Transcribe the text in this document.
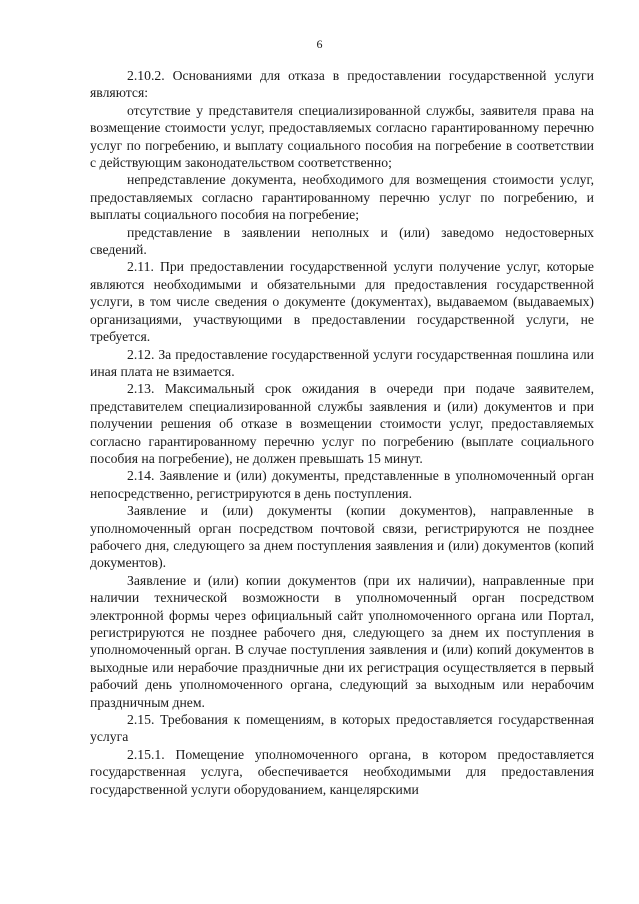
6

2.10.2. Основаниями для отказа в предоставлении государственной услуги являются:

отсутствие у представителя специализированной службы, заявителя права на возмещение стоимости услуг, предоставляемых согласно гарантированному перечню услуг по погребению, и выплату социального пособия на погребение в соответствии с действующим законодательством соответственно;

непредставление документа, необходимого для возмещения стоимости услуг, предоставляемых согласно гарантированному перечню услуг по погребению, и выплаты социального пособия на погребение;

представление в заявлении неполных и (или) заведомо недостоверных сведений.

2.11. При предоставлении государственной услуги получение услуг, которые являются необходимыми и обязательными для предоставления государственной услуги, в том числе сведения о документе (документах), выдаваемом (выдаваемых) организациями, участвующими в предоставлении государственной услуги, не требуется.

2.12. За предоставление государственной услуги государственная пошлина или иная плата не взимается.

2.13. Максимальный срок ожидания в очереди при подаче заявителем, представителем специализированной службы заявления и (или) документов и при получении решения об отказе в возмещении стоимости услуг, предоставляемых согласно гарантированному перечню услуг по погребению (выплате социального пособия на погребение), не должен превышать 15 минут.

2.14. Заявление и (или) документы, представленные в уполномоченный орган непосредственно, регистрируются в день поступления.

Заявление и (или) документы (копии документов), направленные в уполномоченный орган посредством почтовой связи, регистрируются не позднее рабочего дня, следующего за днем поступления заявления и (или) документов (копий документов).

Заявление и (или) копии документов (при их наличии), направленные при наличии технической возможности в уполномоченный орган посредством электронной формы через официальный сайт уполномоченного органа или Портал, регистрируются не позднее рабочего дня, следующего за днем их поступления в уполномоченный орган. В случае поступления заявления и (или) копий документов в выходные или нерабочие праздничные дни их регистрация осуществляется в первый рабочий день уполномоченного органа, следующий за выходным или нерабочим праздничным днем.

2.15. Требования к помещениям, в которых предоставляется государственная услуга

2.15.1. Помещение уполномоченного органа, в котором предоставляется государственная услуга, обеспечивается необходимыми для предоставления государственной услуги оборудованием, канцелярскими
